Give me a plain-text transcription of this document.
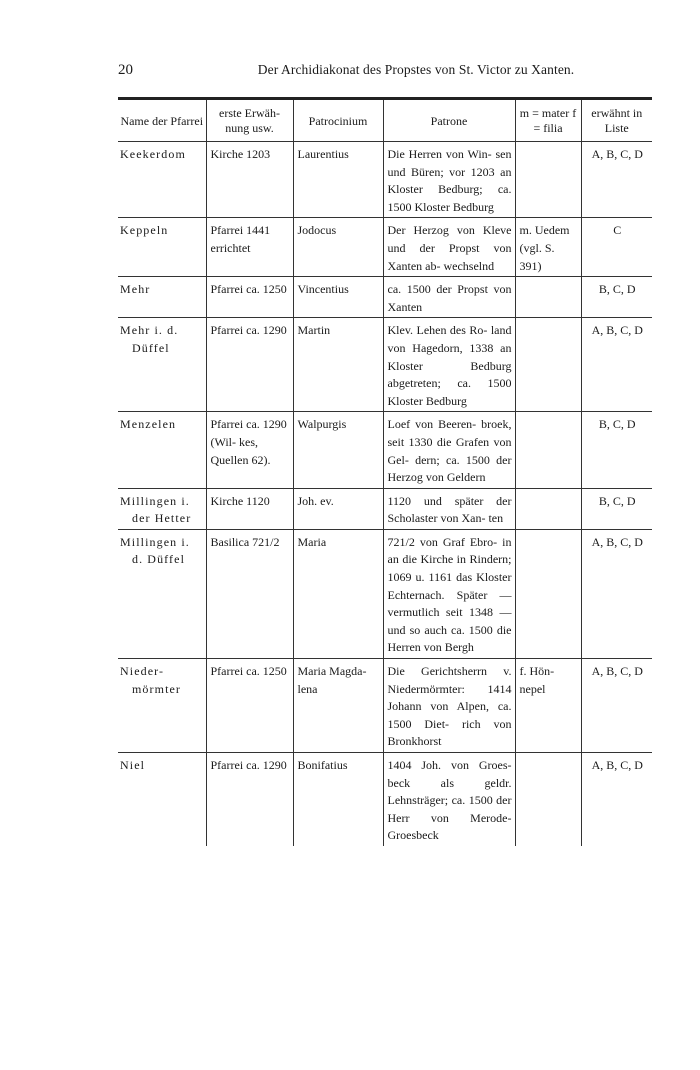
20	Der Archidiakonat des Propstes von St. Victor zu Xanten.
Name der Pfarrei	erste Erwäh- nung usw.	Patrocinium	Patrone	m = mater f = filia	erwähnt in Liste

Keekerdom	Kirche 1203	Laurentius	Die Herren von Win- sen und Büren; vor 1203 an Kloster Bedburg; ca. 1500 Kloster Bedburg		A, B, C, D

Keppeln	Pfarrei 1441 errichtet	Jodocus	Der Herzog von Kleve und der Propst von Xanten ab- wechselnd	m. Uedem (vgl. S. 391)	C

Mehr	Pfarrei ca. 1250	Vincentius	ca. 1500 der Propst von Xanten		B, C, D

Mehr i. d.
Düffel	Pfarrei ca. 1290	Martin	Klev. Lehen des Ro- land von Hagedorn, 1338 an Kloster Bedburg abgetreten; ca. 1500 Kloster Bedburg		A, B, C, D

Menzelen	Pfarrei ca. 1290 (Wil- kes, Quellen 62).	Walpurgis	Loef von Beeren- broek, seit 1330 die Grafen von Gel- dern; ca. 1500 der Herzog von Geldern		B, C, D

Millingen i.
der Hetter	Kirche 1120	Joh. ev.	1120 und später der Scholaster von Xan- ten		B, C, D

Millingen i.
d. Düffel	Basilica 721/2	Maria	721/2 von Graf Ebro- in an die Kirche in Rindern; 1069 u. 1161 das Kloster Echternach. Später — vermutlich seit 1348 — und so auch ca. 1500 die Herren von Bergh		A, B, C, D

Nieder-
mörmter	Pfarrei ca. 1250	Maria Magda- lena	Die Gerichtsherrn v. Niedermörmter: 1414 Johann von Alpen, ca. 1500 Diet- rich von Bronkhorst	f. Hön- nepel	A, B, C, D

Niel	Pfarrei ca. 1290	Bonifatius	1404 Joh. von Groes- beck als geldr. Lehnsträger; ca. 1500 der Herr von Merode-Groesbeck		A, B, C, D
